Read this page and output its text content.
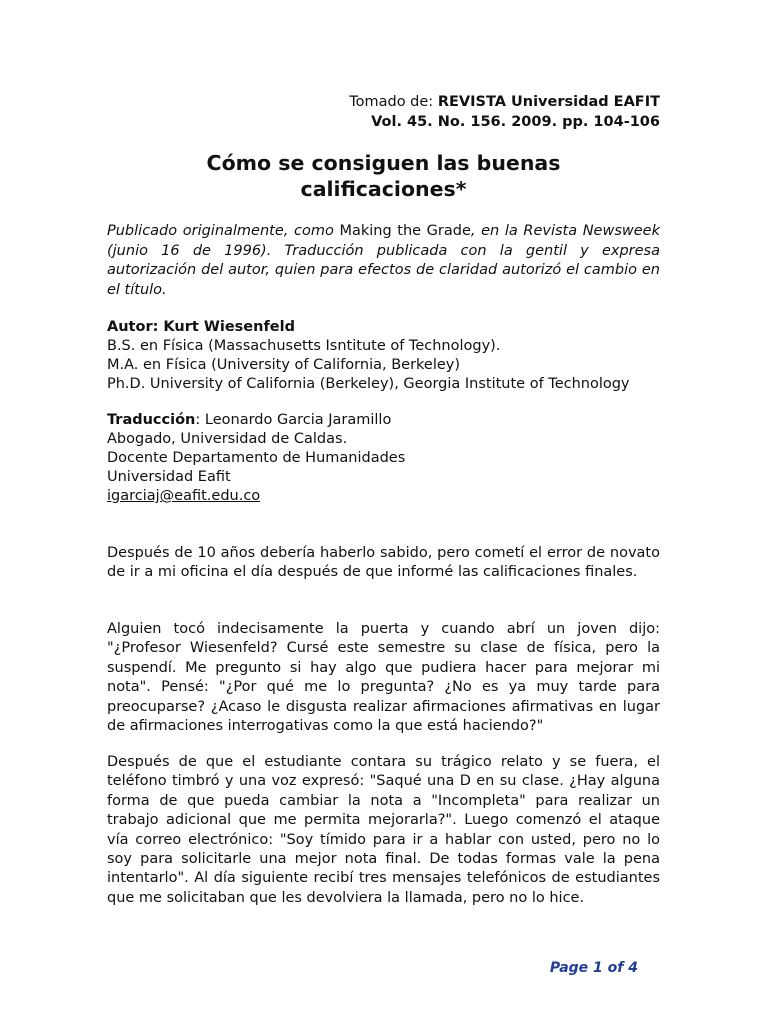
Tomado de: REVISTA Universidad EAFIT
Vol. 45. No. 156. 2009. pp. 104-106
Cómo se consiguen las buenas
calificaciones*

Publicado originalmente, como Making the Grade, en la Revista Newsweek (junio 16 de 1996). Traducción publicada con la gentil y expresa autorización del autor, quien para efectos de claridad autorizó el cambio en el título.

Autor: Kurt Wiesenfeld
B.S. en Física (Massachusetts Isntitute of Technology).
M.A. en Física (University of California, Berkeley)
Ph.D. University of California (Berkeley), Georgia Institute of Technology
Traducción: Leonardo Garcia Jaramillo
Abogado, Universidad de Caldas.
Docente Departamento de Humanidades
Universidad Eafit
igarciaj@eafit.edu.co

Después de 10 años debería haberlo sabido, pero cometí el error de novato de ir a mi oficina el día después de que informé las calificaciones finales.

Alguien tocó indecisamente la puerta y cuando abrí un joven dijo: "¿Profesor Wiesenfeld? Cursé este semestre su clase de física, pero la suspendí. Me pregunto si hay algo que pudiera hacer para mejorar mi nota". Pensé: "¿Por qué me lo pregunta? ¿No es ya muy tarde para preocuparse? ¿Acaso le disgusta realizar afirmaciones afirmativas en lugar de afirmaciones interrogativas como la que está haciendo?"

Después de que el estudiante contara su trágico relato y se fuera, el teléfono timbró y una voz expresó: "Saqué una D en su clase. ¿Hay alguna forma de que pueda cambiar la nota a "Incompleta" para realizar un trabajo adicional que me permita mejorarla?". Luego comenzó el ataque vía correo electrónico: "Soy tímido para ir a hablar con usted, pero no lo soy para solicitarle una mejor nota final. De todas formas vale la pena intentarlo". Al día siguiente recibí tres mensajes telefónicos de estudiantes que me solicitaban que les devolviera la llamada, pero no lo hice.

Page 1 of 4
